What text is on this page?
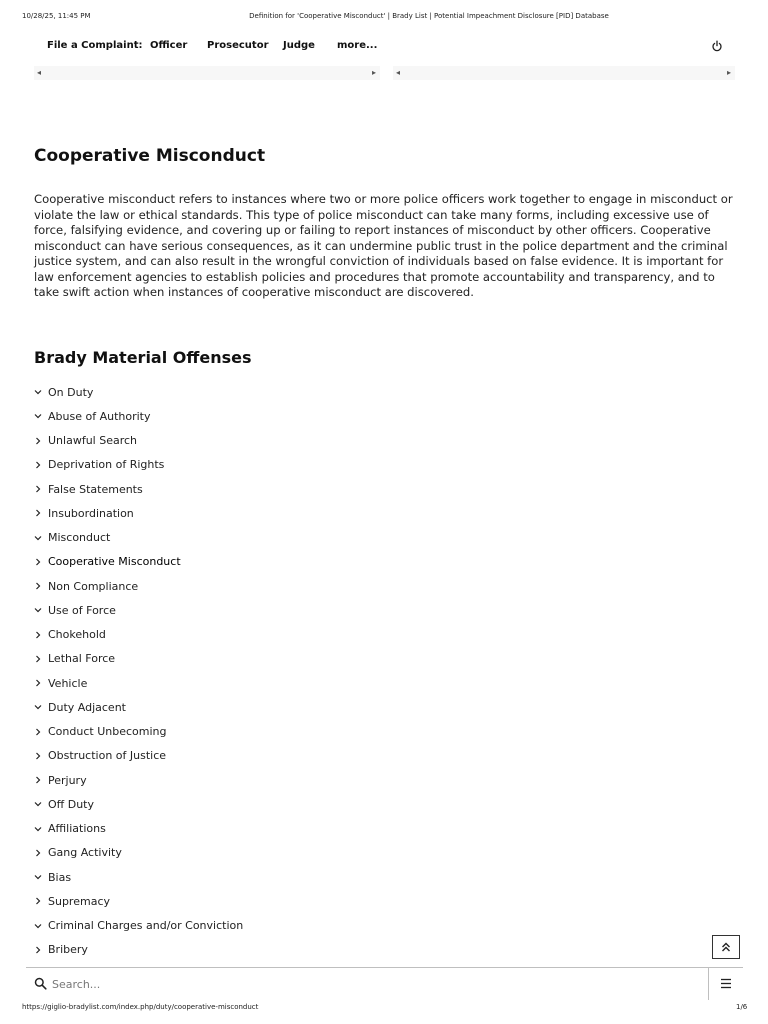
10/28/25, 11:45 PM	Definition for 'Cooperative Misconduct' | Brady List | Potential Impeachment Disclosure [PID] Database
File a Complaint: Officer Prosecutor Judge more...
◂	▸	◂	▸
Cooperative Misconduct

Cooperative misconduct refers to instances where two or more police officers work together to engage in misconduct or violate the law or ethical standards. This type of police misconduct can take many forms, including excessive use of force, falsifying evidence, and covering up or failing to report instances of misconduct by other officers. Cooperative misconduct can have serious consequences, as it can undermine public trust in the police department and the criminal justice system, and can also result in the wrongful conviction of individuals based on false evidence. It is important for law enforcement agencies to establish policies and procedures that promote accountability and transparency, and to take swift action when instances of cooperative misconduct are discovered.

Brady Material Offenses
On Duty
Abuse of Authority
Unlawful Search
Deprivation of Rights
False Statements
Insubordination
Misconduct
Cooperative Misconduct
Non Compliance
Use of Force
Chokehold
Lethal Force
Vehicle
Duty Adjacent
Conduct Unbecoming
Obstruction of Justice
Perjury
Off Duty
Affiliations
Gang Activity
Bias
Supremacy
Criminal Charges and/or Conviction
Bribery
Search...
https://giglio-bradylist.com/index.php/duty/cooperative-misconduct	1/6
